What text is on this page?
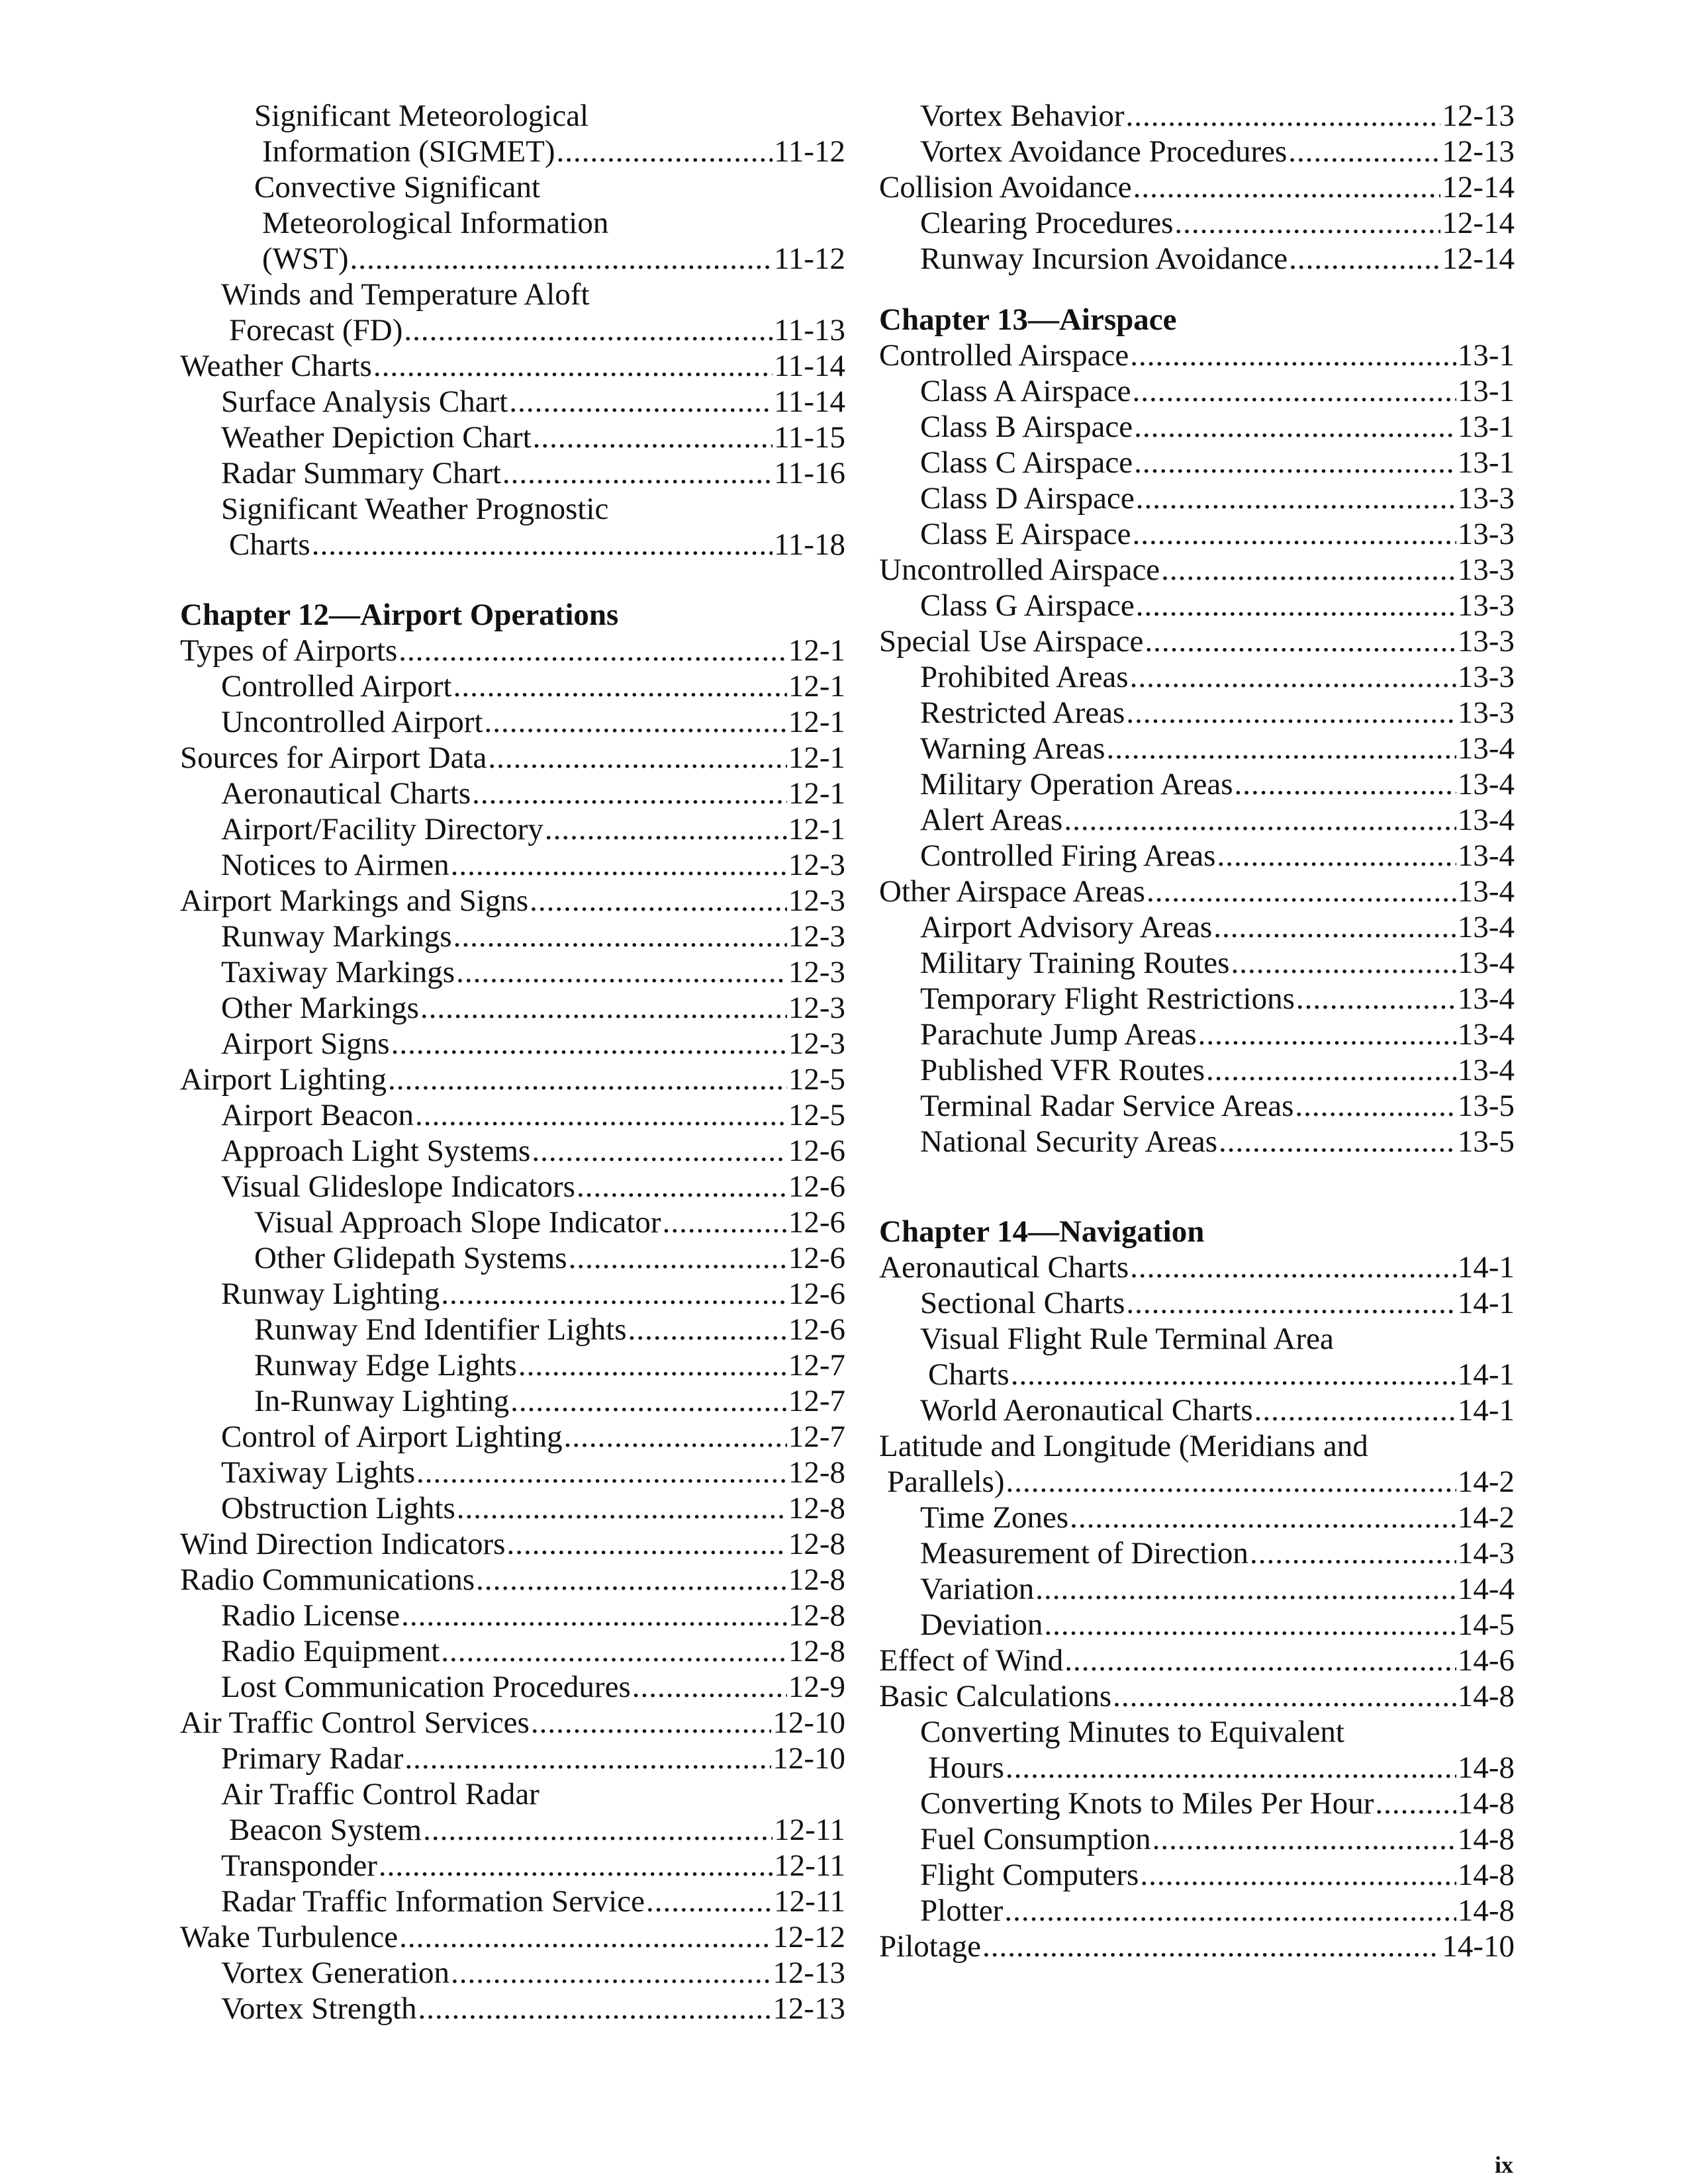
Significant Meteorological
Information (SIGMET) .....	11-12
Convective Significant
Meteorological Information
(WST) .....	11-12
Winds and Temperature Aloft
Forecast (FD) .....	11-13
Weather Charts .....	11-14
Surface Analysis Chart .....	11-14
Weather Depiction Chart .....	11-15
Radar Summary Chart .....	11-16
Significant Weather Prognostic
Charts .....	11-18
Chapter 12—Airport Operations
Types of Airports .....	12-1
Controlled Airport .....	12-1
Uncontrolled Airport .....	12-1
Sources for Airport Data .....	12-1
Aeronautical Charts .....	12-1
Airport/Facility Directory .....	12-1
Notices to Airmen .....	12-3
Airport Markings and Signs .....	12-3
Runway Markings .....	12-3
Taxiway Markings .....	12-3
Other Markings .....	12-3
Airport Signs .....	12-3
Airport Lighting .....	12-5
Airport Beacon .....	12-5
Approach Light Systems .....	12-6
Visual Glideslope Indicators .....	12-6
Visual Approach Slope Indicator .....	12-6
Other Glidepath Systems .....	12-6
Runway Lighting .....	12-6
Runway End Identifier Lights .....	12-6
Runway Edge Lights .....	12-7
In-Runway Lighting .....	12-7
Control of Airport Lighting .....	12-7
Taxiway Lights .....	12-8
Obstruction Lights .....	12-8
Wind Direction Indicators .....	12-8
Radio Communications .....	12-8
Radio License .....	12-8
Radio Equipment .....	12-8
Lost Communication Procedures .....	12-9
Air Traffic Control Services .....	12-10
Primary Radar .....	12-10
Air Traffic Control Radar
Beacon System .....	12-11
Transponder .....	12-11
Radar Traffic Information Service .....	12-11
Wake Turbulence .....	12-12
Vortex Generation .....	12-13
Vortex Strength .....	12-13
Vortex Behavior .....	12-13
Vortex Avoidance Procedures .....	12-13
Collision Avoidance .....	12-14
Clearing Procedures .....	12-14
Runway Incursion Avoidance .....	12-14
Chapter 13—Airspace
Controlled Airspace .....	13-1
Class A Airspace .....	13-1
Class B Airspace .....	13-1
Class C Airspace .....	13-1
Class D Airspace .....	13-3
Class E Airspace .....	13-3
Uncontrolled Airspace .....	13-3
Class G Airspace .....	13-3
Special Use Airspace .....	13-3
Prohibited Areas .....	13-3
Restricted Areas .....	13-3
Warning Areas .....	13-4
Military Operation Areas .....	13-4
Alert Areas .....	13-4
Controlled Firing Areas .....	13-4
Other Airspace Areas .....	13-4
Airport Advisory Areas .....	13-4
Military Training Routes .....	13-4
Temporary Flight Restrictions .....	13-4
Parachute Jump Areas .....	13-4
Published VFR Routes .....	13-4
Terminal Radar Service Areas .....	13-5
National Security Areas .....	13-5
Chapter 14—Navigation
Aeronautical Charts .....	14-1
Sectional Charts .....	14-1
Visual Flight Rule Terminal Area
Charts .....	14-1
World Aeronautical Charts .....	14-1
Latitude and Longitude (Meridians and
Parallels) .....	14-2
Time Zones .....	14-2
Measurement of Direction .....	14-3
Variation .....	14-4
Deviation .....	14-5
Effect of Wind .....	14-6
Basic Calculations .....	14-8
Converting Minutes to Equivalent
Hours .....	14-8
Converting Knots to Miles Per Hour .....	14-8
Fuel Consumption .....	14-8
Flight Computers .....	14-8
Plotter .....	14-8
Pilotage .....	14-10
ix
